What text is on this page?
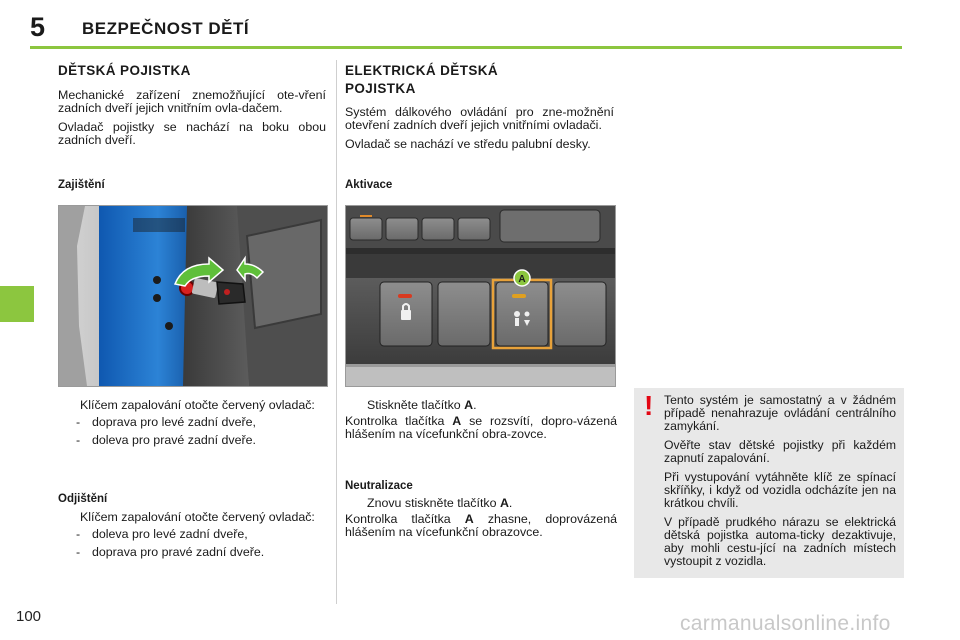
5 BEZPEČNOST DĚTÍ
DĚTSKÁ POJISTKA

Mechanické zařízení znemožňující ote-vření zadních dveří jejich vnitřním ovla-dačem.

Ovladač pojistky se nachází na boku obou zadních dveří.

Zajištění
Klíčem zapalování otočte červený ovladač:
- doprava pro levé zadní dveře,
- doleva pro pravé zadní dveře.
Odjištění
Klíčem zapalování otočte červený ovladač:
- doleva pro levé zadní dveře,
- doprava pro pravé zadní dveře.
ELEKTRICKÁ DĚTSKÁ POJISTKA

Systém dálkového ovládání pro zne-možnění otevření zadních dveří jejich vnitřními ovladači.

Ovladač se nachází ve středu palubní desky.

Aktivace
A
Stiskněte tlačítko A.
Kontrolka tlačítka A se rozsvítí, dopro-vázená hlášením na vícefunkční obra-zovce.
Neutralizace
Znovu stiskněte tlačítko A.
Kontrolka tlačítka A zhasne, doprovázená hlášením na vícefunkční obrazovce.
! Tento systém je samostatný a v žádném případě nenahrazuje ovládání centrálního zamykání.

Ověřte stav dětské pojistky při každém zapnutí zapalování.

Při vystupování vytáhněte klíč ze spínací skříňky, i když od vozidla odcházíte jen na krátkou chvíli.

V případě prudkého nárazu se elektrická dětská pojistka automa-ticky dezaktivuje, aby mohli cestu-jící na zadních místech vystoupit z vozidla.

100	carmanualsonline.info
